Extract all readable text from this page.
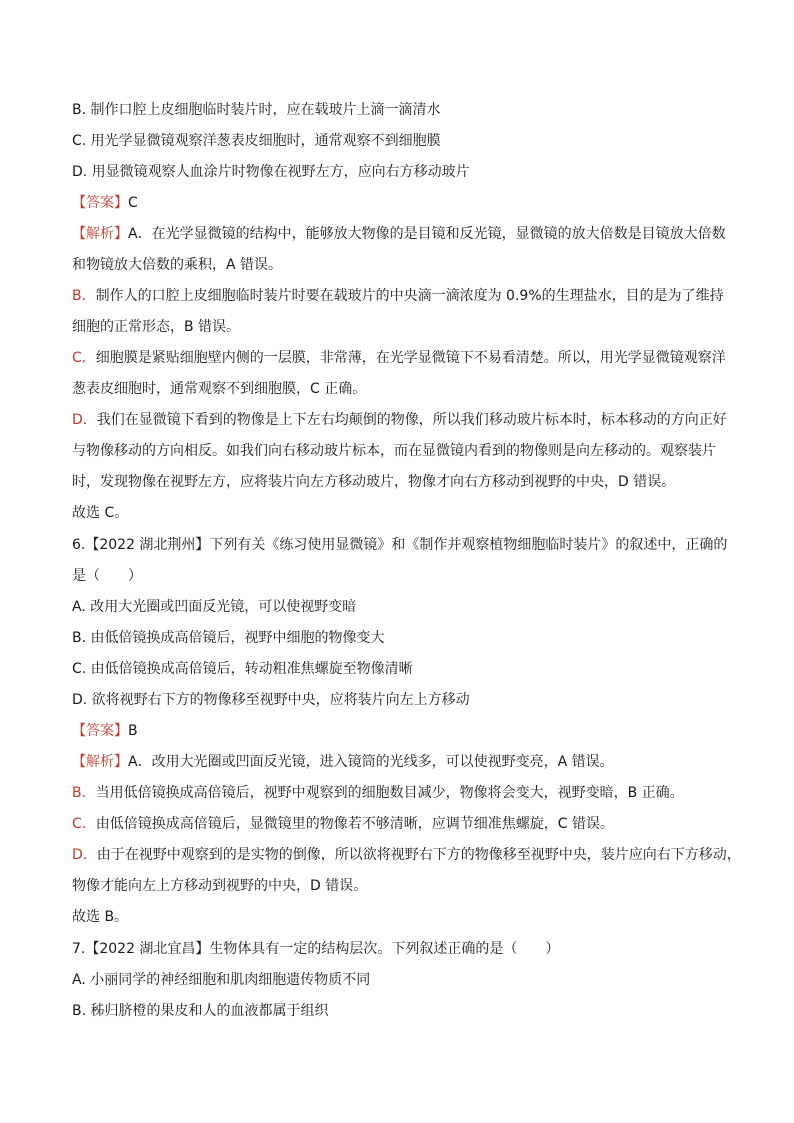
B. 制作口腔上皮细胞临时装片时，应在载玻片上滴一滴清水
C. 用光学显微镜观察洋葱表皮细胞时，通常观察不到细胞膜
D. 用显微镜观察人血涂片时物像在视野左方，应向右方移动玻片
【答案】C
【解析】A．在光学显微镜的结构中，能够放大物像的是目镜和反光镜，显微镜的放大倍数是目镜放大倍数
和物镜放大倍数的乘积，A 错误。
B．制作人的口腔上皮细胞临时装片时要在载玻片的中央滴一滴浓度为 0.9%的生理盐水，目的是为了维持
细胞的正常形态，B 错误。
C．细胞膜是紧贴细胞壁内侧的一层膜，非常薄，在光学显微镜下不易看清楚。所以，用光学显微镜观察洋
葱表皮细胞时，通常观察不到细胞膜，C 正确。
D．我们在显微镜下看到的物像是上下左右均颠倒的物像，所以我们移动玻片标本时，标本移动的方向正好
与物像移动的方向相反。如我们向右移动玻片标本，而在显微镜内看到的物像则是向左移动的。观察装片
时，发现物像在视野左方，应将装片向左方移动玻片，物像才向右方移动到视野的中央，D 错误。
故选 C。
6.【2022 湖北荆州】下列有关《练习使用显微镜》和《制作并观察植物细胞临时装片》的叙述中，正确的
是（　　）
A. 改用大光圈或凹面反光镜，可以使视野变暗
B. 由低倍镜换成高倍镜后，视野中细胞的物像变大
C. 由低倍镜换成高倍镜后，转动粗准焦螺旋至物像清晰
D. 欲将视野右下方的物像移至视野中央，应将装片向左上方移动
【答案】B
【解析】A．改用大光圈或凹面反光镜，进入镜筒的光线多，可以使视野变亮，A 错误。
B．当用低倍镜换成高倍镜后，视野中观察到的细胞数目减少，物像将会变大，视野变暗，B 正确。
C．由低倍镜换成高倍镜后，显微镜里的物像若不够清晰，应调节细准焦螺旋，C 错误。
D．由于在视野中观察到的是实物的倒像，所以欲将视野右下方的物像移至视野中央，装片应向右下方移动，
物像才能向左上方移动到视野的中央，D 错误。
故选 B。
7.【2022 湖北宜昌】生物体具有一定的结构层次。下列叙述正确的是（　　）
A. 小丽同学的神经细胞和肌肉细胞遗传物质不同
B. 秭归脐橙的果皮和人的血液都属于组织
